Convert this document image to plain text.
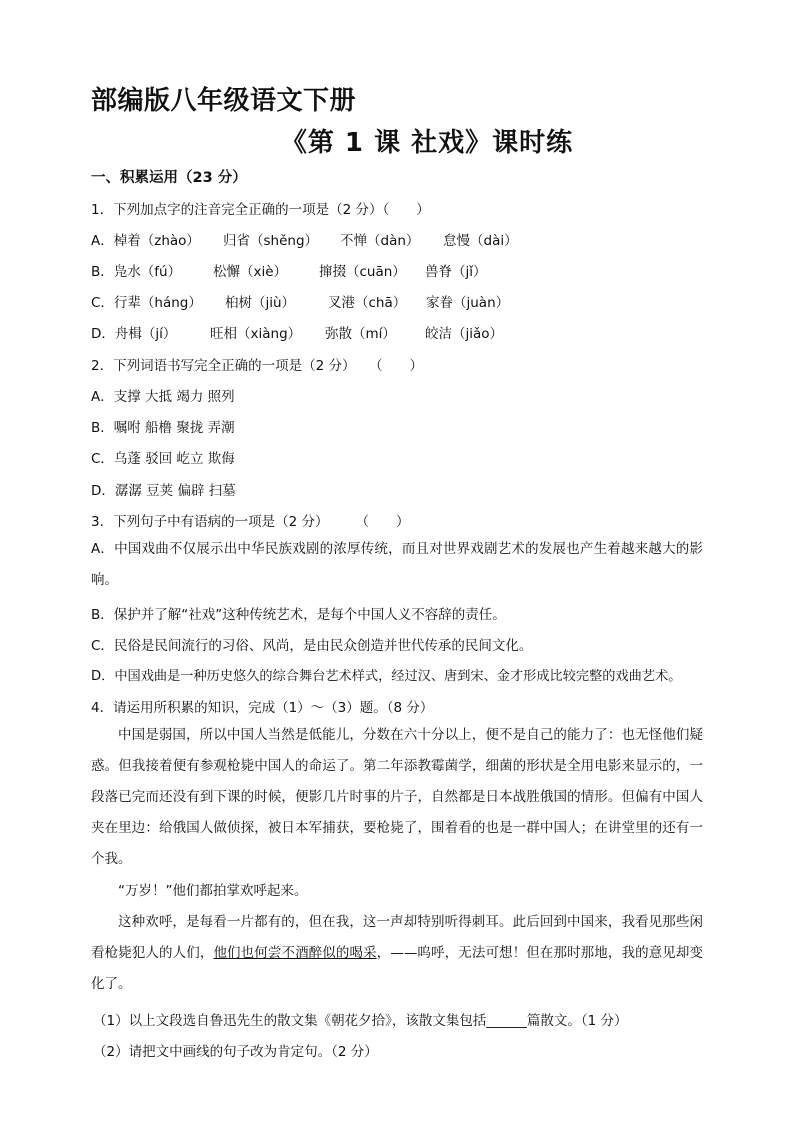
部编版八年级语文下册
《第 1 课 社戏》课时练
一、积累运用（23 分）
1．下列加点字的注音完全正确的一项是（2 分）（　　）
A．棹着（zhào） 归省（shěng） 不惮（dàn） 怠慢（dài）
B．凫水（fú） 松懈（xiè） 撺掇（cuān） 兽脊（jǐ）
C．行辈（háng） 桕树（jiù） 叉港（chā） 家眷（juàn）
D．舟楫（jí） 旺相（xiàng） 弥散（mí） 皎洁（jiǎo）
2．下列词语书写完全正确的一项是（2 分）　　（　　）
A．支撑 大抵 竭力 照列
B．嘱咐 船橹 聚拢 弄潮
C．乌蓬 驳回 屹立 欺侮
D．潺潺 豆荚 偏辟 扫墓
3．下列句子中有语病的一项是（2 分）　　　（　　）
A．中国戏曲不仅展示出中华民族戏剧的浓厚传统，而且对世界戏剧艺术的发展也产生着越来越大的影响。
B．保护并了解“社戏”这种传统艺术，是每个中国人义不容辞的责任。
C．民俗是民间流行的习俗、风尚，是由民众创造并世代传承的民间文化。
D．中国戏曲是一种历史悠久的综合舞台艺术样式，经过汉、唐到宋、金才形成比较完整的戏曲艺术。
4．请运用所积累的知识，完成（1）～（3）题。（8 分）
中国是弱国，所以中国人当然是低能儿，分数在六十分以上，便不是自己的能力了：也无怪他们疑惑。但我接着便有参观枪毙中国人的命运了。第二年添教霉菌学，细菌的形状是全用电影来显示的，一段落已完而还没有到下课的时候，便影几片时事的片子，自然都是日本战胜俄国的情形。但偏有中国人夹在里边：给俄国人做侦探，被日本军捕获，要枪毙了，围着看的也是一群中国人；在讲堂里的还有一个我。
“万岁！”他们都拍掌欢呼起来。
这种欢呼，是每看一片都有的，但在我，这一声却特别听得刺耳。此后回到中国来，我看见那些闲看枪毙犯人的人们，他们也何尝不酒醉似的喝采，——呜呼，无法可想！但在那时那地，我的意见却变化了。
（1）以上文段选自鲁迅先生的散文集《朝花夕拾》，该散文集包括______篇散文。（1 分）
（2）请把文中画线的句子改为肯定句。（2 分）
